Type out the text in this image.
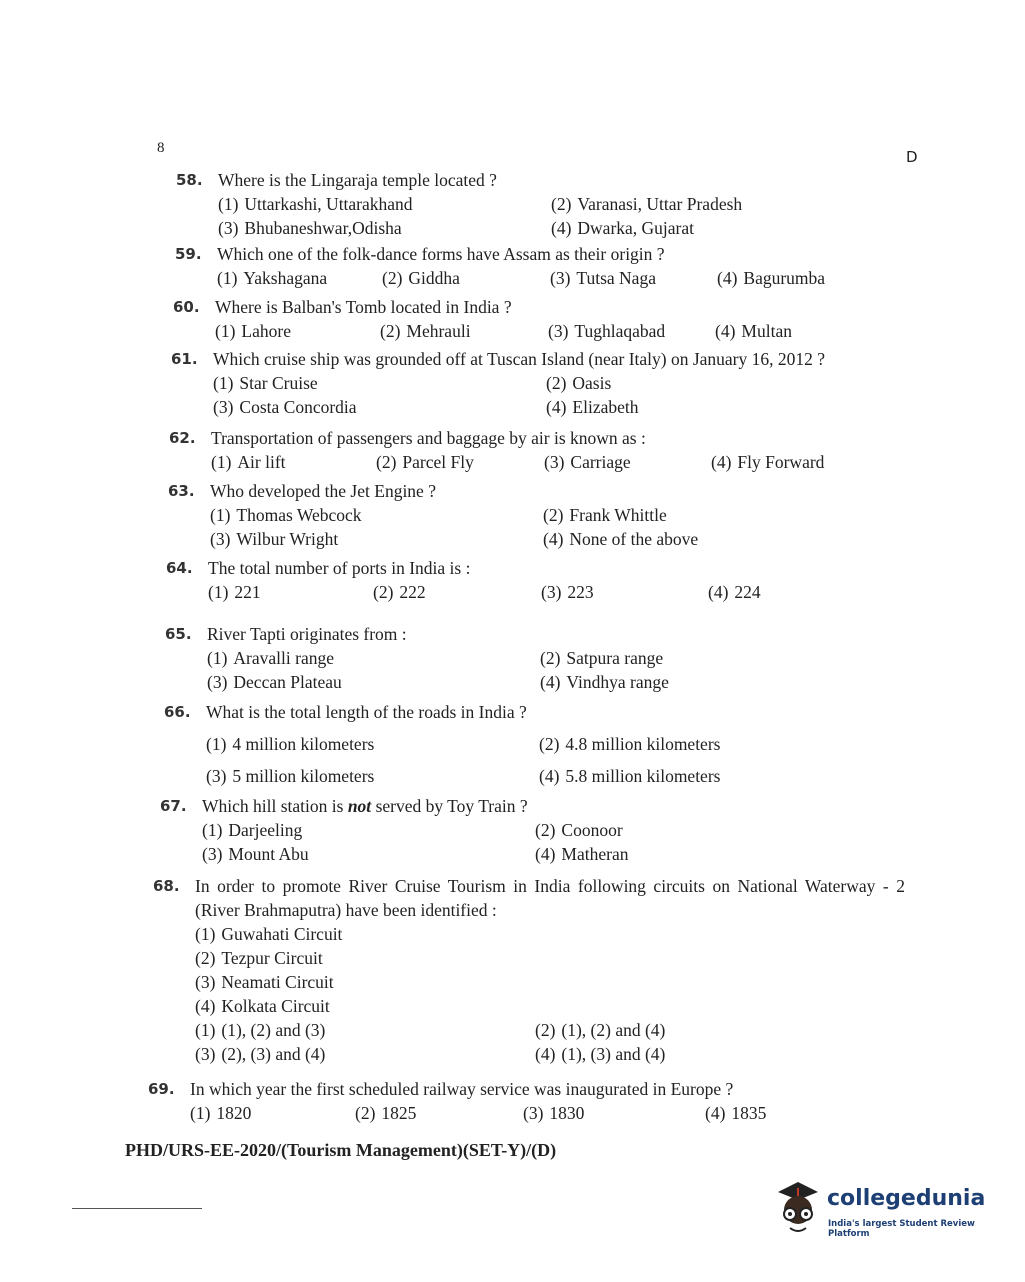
8	D
58. Where is the Lingaraja temple located ?
(1) Uttarkashi, Uttarakhand	(2) Varanasi, Uttar Pradesh
(3) Bhubaneshwar,Odisha	(4) Dwarka, Gujarat
59. Which one of the folk-dance forms have Assam as their origin ?
(1) Yakshagana	(2) Giddha	(3) Tutsa Naga	(4) Bagurumba
60. Where is Balban's Tomb located in India ?
(1) Lahore	(2) Mehrauli	(3) Tughlaqabad	(4) Multan
61. Which cruise ship was grounded off at Tuscan Island (near Italy) on January 16, 2012 ?
(1) Star Cruise	(2) Oasis
(3) Costa Concordia	(4) Elizabeth
62. Transportation of passengers and baggage by air is known as :
(1) Air lift	(2) Parcel Fly	(3) Carriage	(4) Fly Forward
63. Who developed the Jet Engine ?
(1) Thomas Webcock	(2) Frank Whittle
(3) Wilbur Wright	(4) None of the above
64. The total number of ports in India is :
(1) 221	(2) 222	(3) 223	(4) 224
65. River Tapti originates from :
(1) Aravalli range	(2) Satpura range
(3) Deccan Plateau	(4) Vindhya range
66. What is the total length of the roads in India ?
(1) 4 million kilometers	(2) 4.8 million kilometers
(3) 5 million kilometers	(4) 5.8 million kilometers
67. Which hill station is not served by Toy Train ?
(1) Darjeeling	(2) Coonoor
(3) Mount Abu	(4) Matheran
68. In order to promote River Cruise Tourism in India following circuits on National Waterway - 2 (River Brahmaputra) have been identified :
(1) Guwahati Circuit
(2) Tezpur Circuit
(3) Neamati Circuit
(4) Kolkata Circuit
(1) (1), (2) and (3)	(2) (1), (2) and (4)
(3) (2), (3) and (4)	(4) (1), (3) and (4)
69. In which year the first scheduled railway service was inaugurated in Europe ?
(1) 1820	(2) 1825	(3) 1830	(4) 1835
PHD/URS-EE-2020/(Tourism Management)(SET-Y)/(D)
collegedunia
India's largest Student Review Platform
